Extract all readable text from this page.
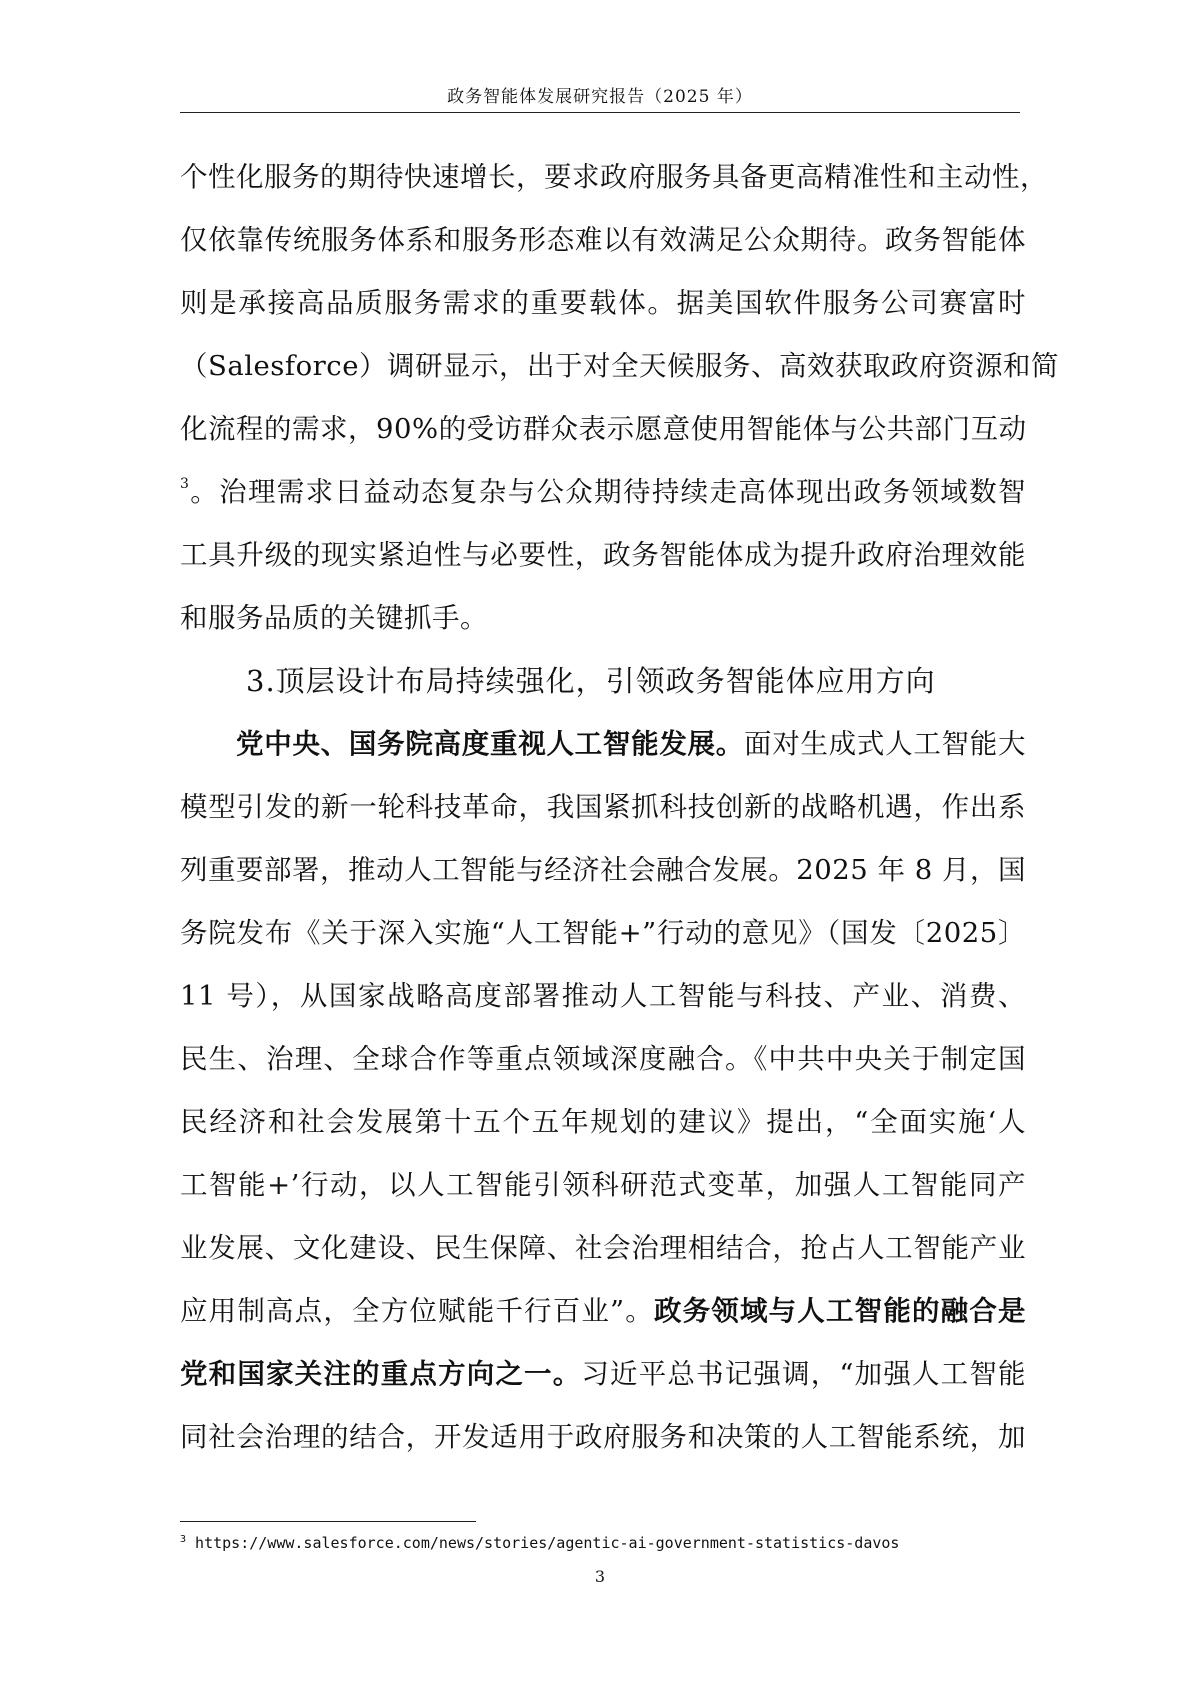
政务智能体发展研究报告（2025 年）
个性化服务的期待快速增长，要求政府服务具备更高精准性和主动性，
仅依靠传统服务体系和服务形态难以有效满足公众期待。政务智能体
则是承接高品质服务需求的重要载体。据美国软件服务公司赛富时
（Salesforce）调研显示，出于对全天候服务、高效获取政府资源和简
化流程的需求，90%的受访群众表示愿意使用智能体与公共部门互动
$^3$。治理需求日益动态复杂与公众期待持续走高体现出政务领域数智
工具升级的现实紧迫性与必要性，政务智能体成为提升政府治理效能
和服务品质的关键抓手。
3.顶层设计布局持续强化，引领政务智能体应用方向
党中央、国务院高度重视人工智能发展。面对生成式人工智能大
模型引发的新一轮科技革命，我国紧抓科技创新的战略机遇，作出系
列重要部署，推动人工智能与经济社会融合发展。2025 年 8 月，国
务院发布《关于深入实施“人工智能+”行动的意见》（国发〔2025〕
11 号），从国家战略高度部署推动人工智能与科技、产业、消费、
民生、治理、全球合作等重点领域深度融合。《中共中央关于制定国
民经济和社会发展第十五个五年规划的建议》提出，“全面实施‘人
工智能+’行动，以人工智能引领科研范式变革，加强人工智能同产
业发展、文化建设、民生保障、社会治理相结合，抢占人工智能产业
应用制高点，全方位赋能千行百业”。政务领域与人工智能的融合是
党和国家关注的重点方向之一。习近平总书记强调，“加强人工智能
同社会治理的结合，开发适用于政府服务和决策的人工智能系统，加
$^3$ https://www.salesforce.com/news/stories/agentic-ai-government-statistics-davos
3
